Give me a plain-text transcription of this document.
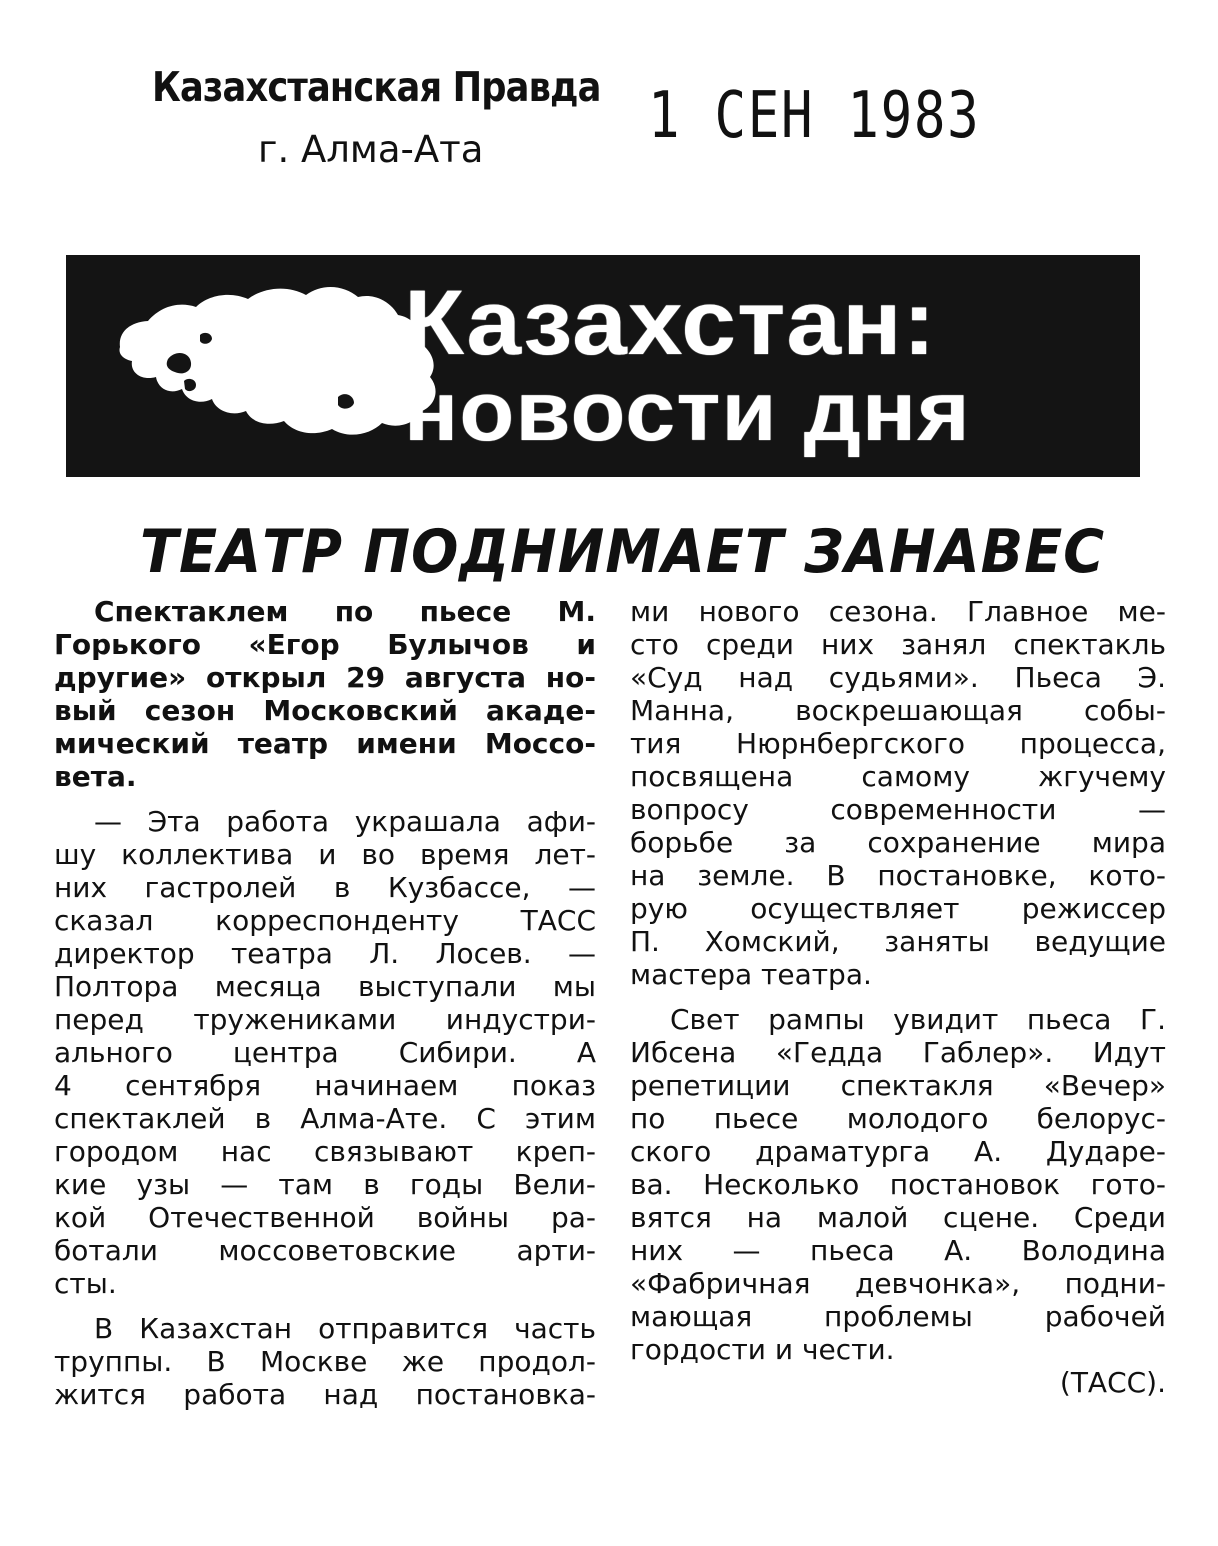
Казахстанская Правда
г. Алма-Ата	1 СЕН 1983
Казахстан:
новости дня
ТЕАТР ПОДНИМАЕТ ЗАНАВЕС
Спектаклем по пьесе М.
Горького «Егор Булычов и
другие» открыл 29 августа но-
вый сезон Московский акаде-
мический театр имени Моссо-
вета.
— Эта работа украшала афи-
шу коллектива и во время лет-
них гастролей в Кузбассе, —
сказал корреспонденту ТАСС
директор театра Л. Лосев. —
Полтора месяца выступали мы
перед тружениками индустри-
ального центра Сибири. А
4 сентября начинаем показ
спектаклей в Алма-Ате. С этим
городом нас связывают креп-
кие узы — там в годы Вели-
кой Отечественной войны ра-
ботали моссоветовские арти-
сты.
В Казахстан отправится часть
труппы. В Москве же продол-
жится работа над постановка-
ми нового сезона. Главное ме-
сто среди них занял спектакль
«Суд над судьями». Пьеса Э.
Манна, воскрешающая собы-
тия Нюрнбергского процесса,
посвящена самому жгучему
вопросу современности —
борьбе за сохранение мира
на земле. В постановке, кото-
рую осуществляет режиссер
П. Хомский, заняты ведущие
мастера театра.
Свет рампы увидит пьеса Г.
Ибсена «Гедда Габлер». Идут
репетиции спектакля «Вечер»
по пьесе молодого белорус-
ского драматурга А. Дударе-
ва. Несколько постановок гото-
вятся на малой сцене. Среди
них — пьеса А. Володина
«Фабричная девчонка», подни-
мающая проблемы рабочей
гордости и чести.
(ТАСС).
